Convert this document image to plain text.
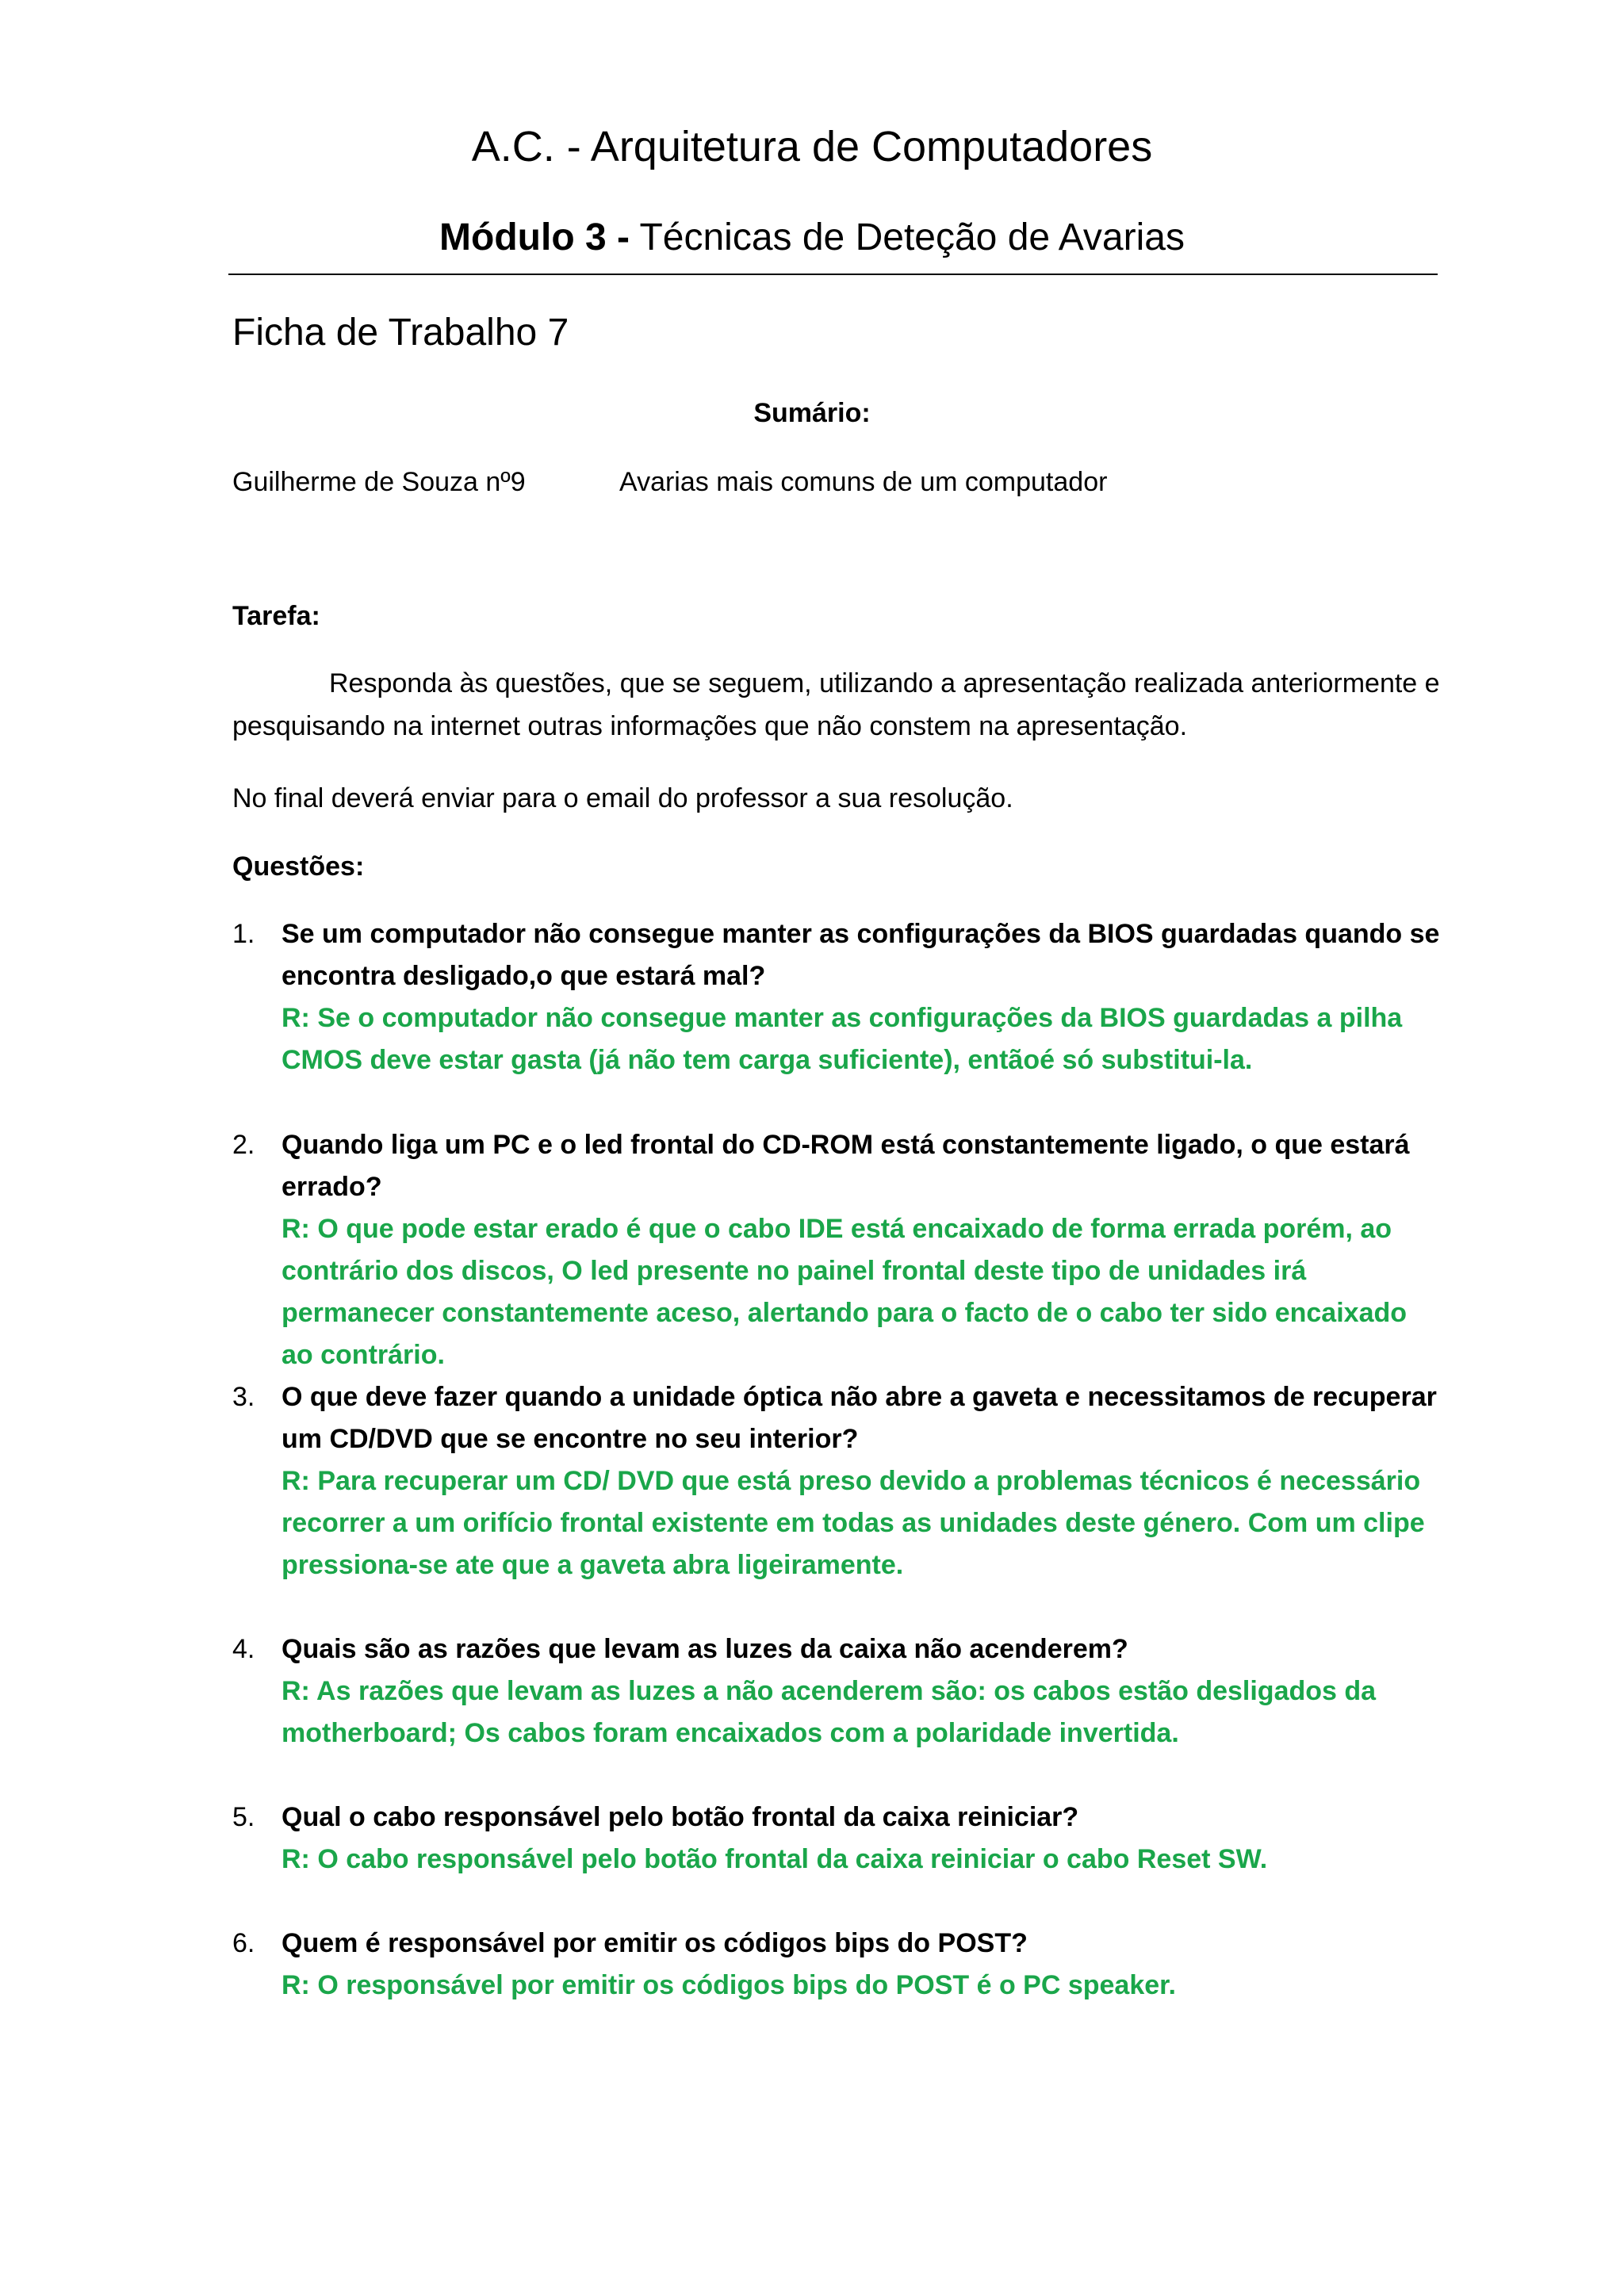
A.C. - Arquitetura de Computadores
Módulo 3 - Técnicas de Deteção de Avarias
Ficha de Trabalho 7
Sumário:
Guilherme de Souza nº9	Avarias mais comuns de um computador
Tarefa:
Responda às questões, que se seguem, utilizando a apresentação realizada anteriormente e pesquisando na internet outras informações que não constem na apresentação.
No final deverá enviar para o email do professor a sua resolução.
Questões:
1. Se um computador não consegue manter as configurações da BIOS guardadas quando se encontra desligado,o que estará mal?
R: Se o computador não consegue manter as configurações da BIOS guardadas a pilha CMOS deve estar gasta (já não tem carga suficiente), entãoé só substitui-la.
2. Quando liga um PC e o led frontal do CD-ROM está constantemente ligado, o que estará errado?
R: O que pode estar erado é que o cabo IDE está encaixado de forma errada porém, ao contrário dos discos, O led presente no painel frontal deste tipo de unidades irá permanecer constantemente aceso, alertando para o facto de o cabo ter sido encaixado ao contrário.
3. O que deve fazer quando a unidade óptica não abre a gaveta e necessitamos de recuperar um CD/DVD que se encontre no seu interior?
R: Para recuperar um CD/ DVD que está preso devido a problemas técnicos é necessário recorrer a um orifício frontal existente em todas as unidades deste género. Com um clipe pressiona-se ate que a gaveta abra ligeiramente.
4. Quais são as razões que levam as luzes da caixa não acenderem?
R: As razões que levam as luzes a não acenderem são: os cabos estão desligados da motherboard; Os cabos foram encaixados com a polaridade invertida.
5. Qual o cabo responsável pelo botão frontal da caixa reiniciar?
R: O cabo responsável pelo botão frontal da caixa reiniciar o cabo Reset SW.
6. Quem é responsável por emitir os códigos bips do POST?
R: O responsável por emitir os códigos bips do POST é o PC speaker.
